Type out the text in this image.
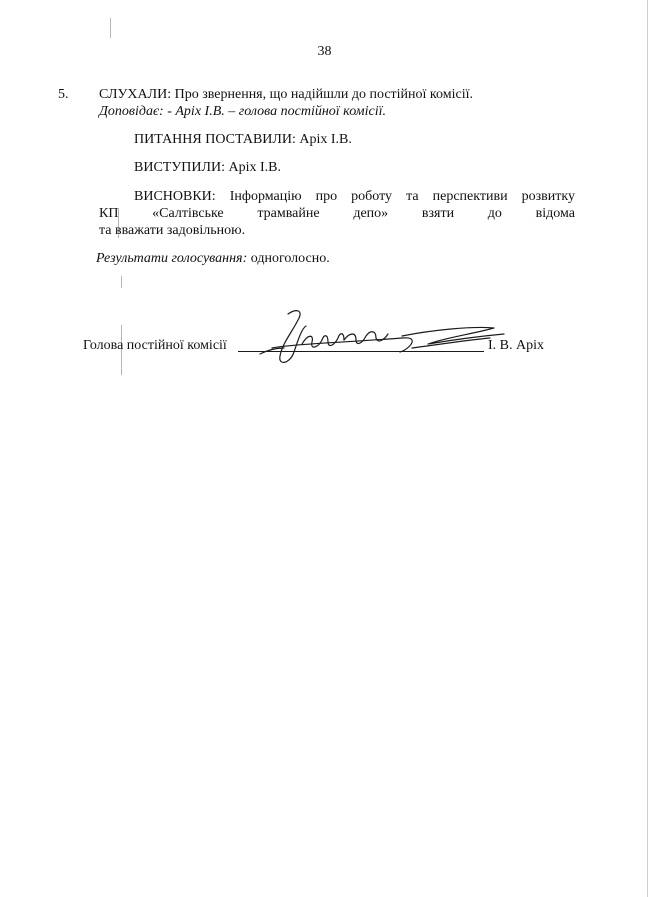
38
5. СЛУХАЛИ: Про звернення, що надійшли до постійної комісії.
Доповідає: - Аріх І.В. – голова постійної комісії.
ПИТАННЯ ПОСТАВИЛИ: Аріх І.В.
ВИСТУПИЛИ: Аріх І.В.
ВИСНОВКИ: Інформацію про роботу та перспективи розвитку
КП «Салтівське трамвайне депо» взяти до відома
та вважати задовільною.
Результати голосування: одноголосно.
Голова постійної комісії	І. В. Аріх
